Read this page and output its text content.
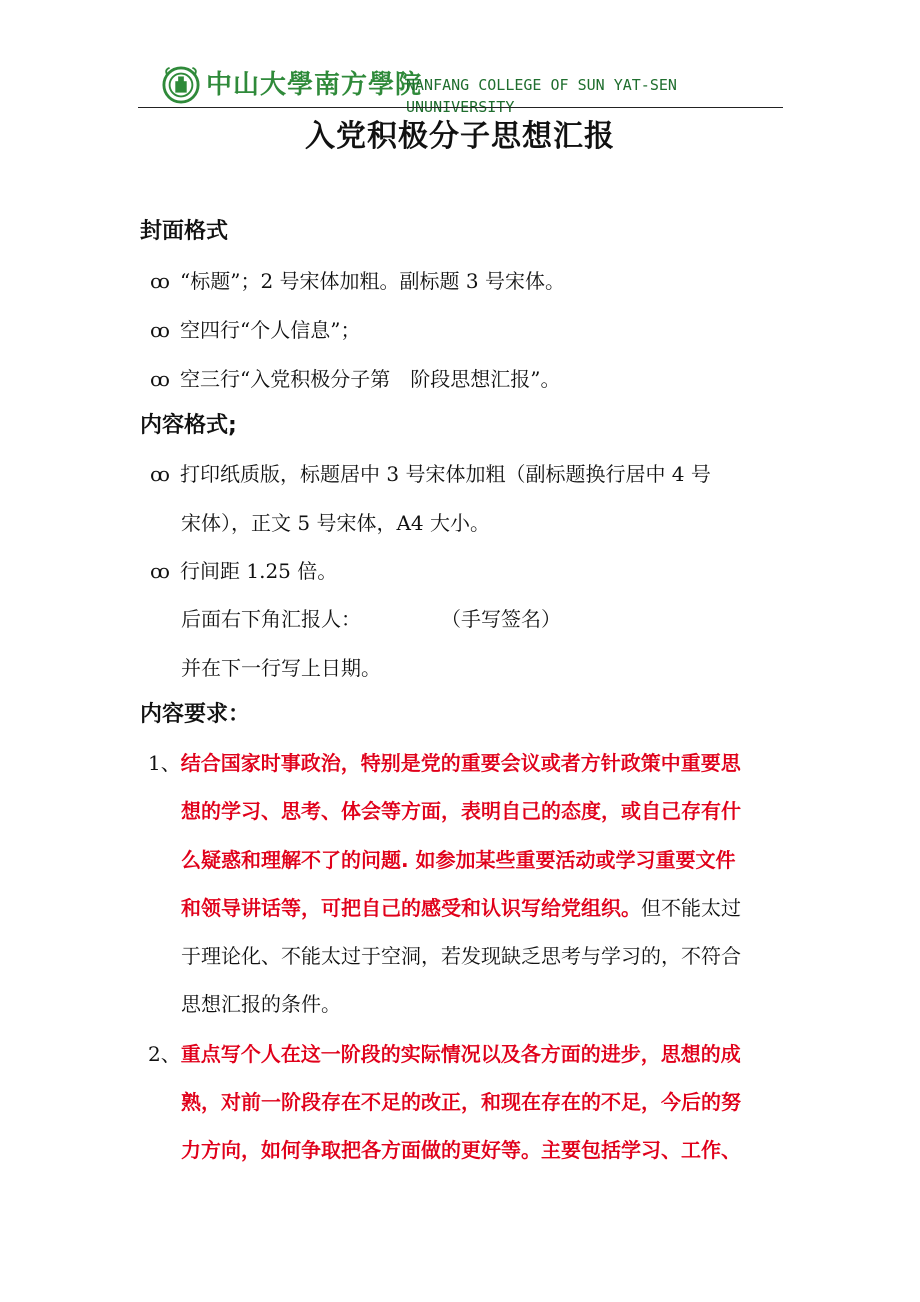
中山大學南方學院
NANFANG COLLEGE OF SUN YAT-SEN UNUNIVERSITY
入党积极分子思想汇报
封面格式
ꝏ “标题”；2 号宋体加粗。副标题 3 号宋体。
ꝏ 空四行“个人信息”；
ꝏ 空三行“入党积极分子第　阶段思想汇报”。
内容格式;
ꝏ 打印纸质版，标题居中 3 号宋体加粗（副标题换行居中 4 号
宋体），正文 5 号宋体，A4 大小。
ꝏ 行间距 1.25 倍。
后面右下角汇报人：　　　　　（手写签名）
并在下一行写上日期。
内容要求：
1、结合国家时事政治，特别是党的重要会议或者方针政策中重要思
想的学习、思考、体会等方面，表明自己的态度，或自己存有什
么疑惑和理解不了的问题. 如参加某些重要活动或学习重要文件
和领导讲话等，可把自己的感受和认识写给党组织。但不能太过
于理论化、不能太过于空洞，若发现缺乏思考与学习的，不符合
思想汇报的条件。
2、重点写个人在这一阶段的实际情况以及各方面的进步，思想的成
熟，对前一阶段存在不足的改正，和现在存在的不足，今后的努
力方向，如何争取把各方面做的更好等。主要包括学习、工作、
